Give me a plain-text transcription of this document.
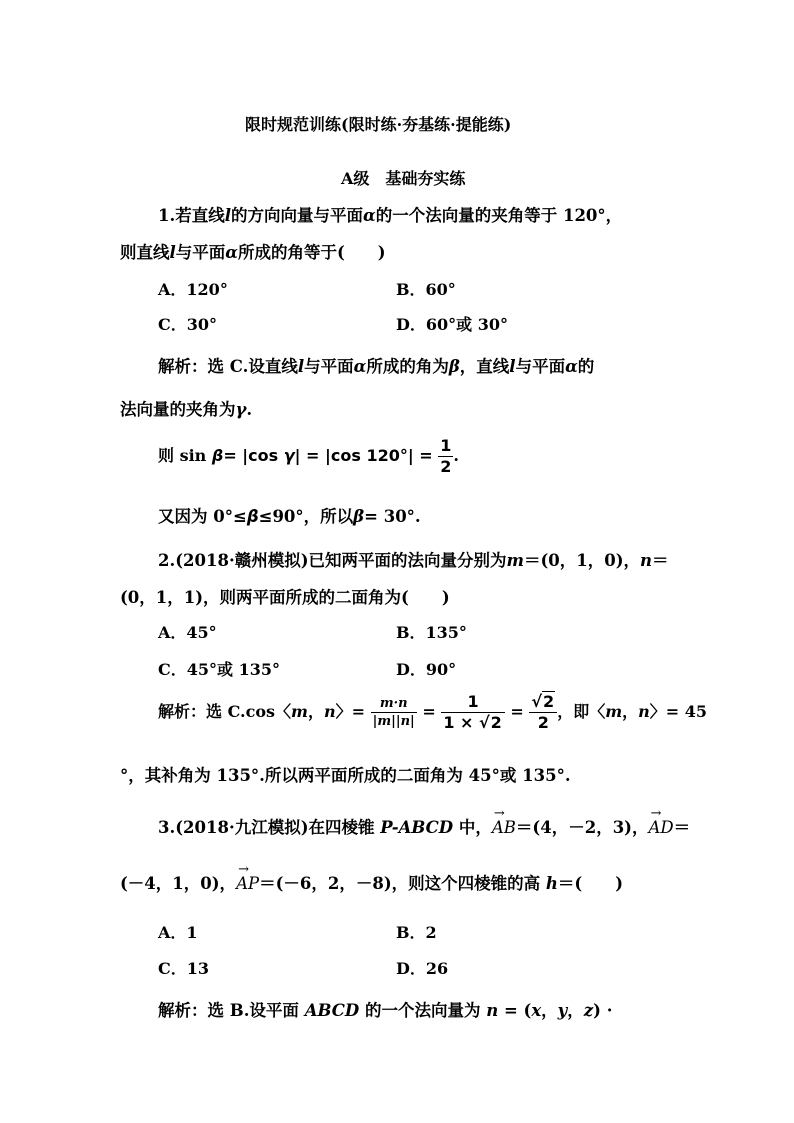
限时规范训练(限时练·夯基练·提能练)
A级　基础夯实练
1.若直线l的方向向量与平面α的一个法向量的夹角等于 120°，
则直线l与平面α所成的角等于(　　)
A．120°	B．60°
C．30°	D．60°或 30°
解析：选 C.设直线l与平面α所成的角为β，直线l与平面α的
法向量的夹角为γ.
则 sin β= |cos γ| = |cos $120^\circ| = \frac{1}{2}$ .
又因为 0°≤β≤90°，所以β= 30°.
2.(2018·赣州模拟)已知两平面的法向量分别为m＝(0，1，0)，n＝
(0，1，1)，则两平面所成的二面角为(　　)
A．45°	B．135°
C．45°或 135°	D．90°
解析：选 C.cos〈m，n〉= $\frac{m\cdot n}{|m||n|} = \frac{1}{1 \times √2} = \frac{√2}{2}$ ，即〈m，n〉= 45
°，其补角为 135°.所以两平面所成的二面角为 45°或 135°.
3.(2018·九江模拟)在四棱锥 P-ABCD 中，
→
AB＝(4，－2，3)，
→
AD＝
(－4，1，0)，
→
AP＝(－6，2，－8)，则这个四棱锥的高 h＝(　　)
A．1	B．2
C．13	D．26
解析：选 B.设平面 ABCD 的一个法向量为 n = (x，y，z) ·
